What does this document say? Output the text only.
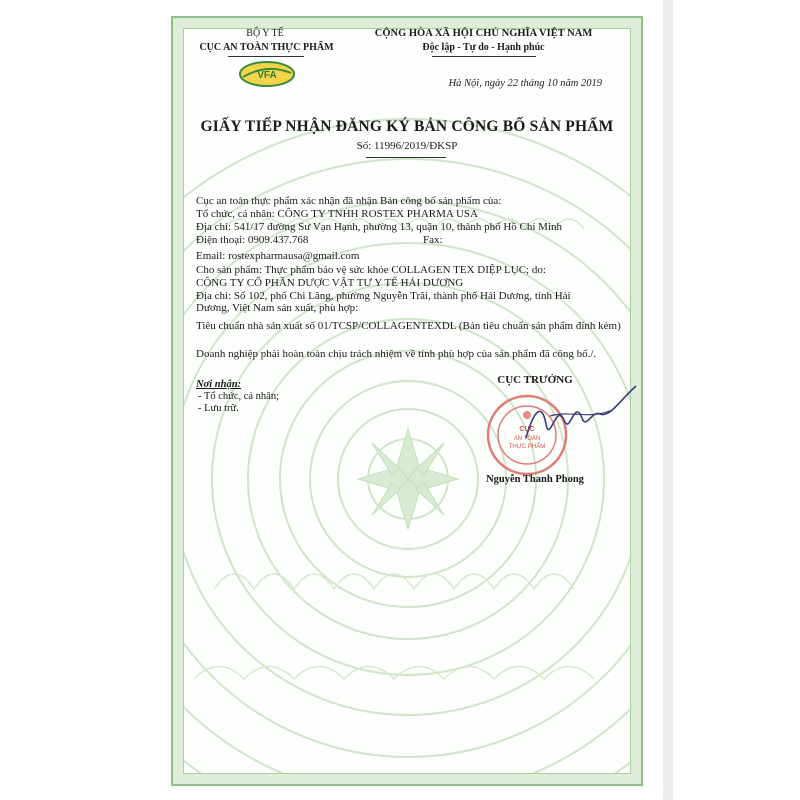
BỘ Y TẾ
CỤC AN TOÀN THỰC PHẨM
VFA
CỘNG HÒA XÃ HỘI CHỦ NGHĨA VIỆT NAM
Độc lập - Tự do - Hạnh phúc
Hà Nội, ngày 22 tháng 10 năm 2019
GIẤY TIẾP NHẬN ĐĂNG KÝ BẢN CÔNG BỐ SẢN PHẨM
Số: 11996/2019/ĐKSP
Cục an toàn thực phẩm xác nhận đã nhận Bản công bố sản phẩm của:
Tổ chức, cá nhân: CÔNG TY TNHH ROSTEX PHARMA USA
Địa chỉ: 541/17 đường Sư Vạn Hạnh, phường 13, quận 10, thành phố Hồ Chí Minh
Điện thoại: 0909.437.768	Fax:
Email: rostexpharmausa@gmail.com
Cho sản phẩm: Thực phẩm bảo vệ sức khỏe COLLAGEN TEX DIỆP LỤC; do:
CÔNG TY CỔ PHẦN DƯỢC VẬT TƯ Y TẾ HẢI DƯƠNG
Địa chỉ: Số 102, phố Chi Lăng, phường Nguyễn Trãi, thành phố Hải Dương, tỉnh Hải Dương, Việt Nam sản xuất, phù hợp:
Tiêu chuẩn nhà sản xuất số 01/TCSP/COLLAGENTEXDL (Bản tiêu chuẩn sản phẩm đính kèm)
Doanh nghiệp phải hoàn toàn chịu trách nhiệm về tính phù hợp của sản phẩm đã công bố./.
Nơi nhận:
- Tổ chức, cá nhân;
- Lưu trữ.
CỤC TRƯỞNG
CỤC
AN TOÀN
THỰC PHẨM
Nguyễn Thanh Phong
